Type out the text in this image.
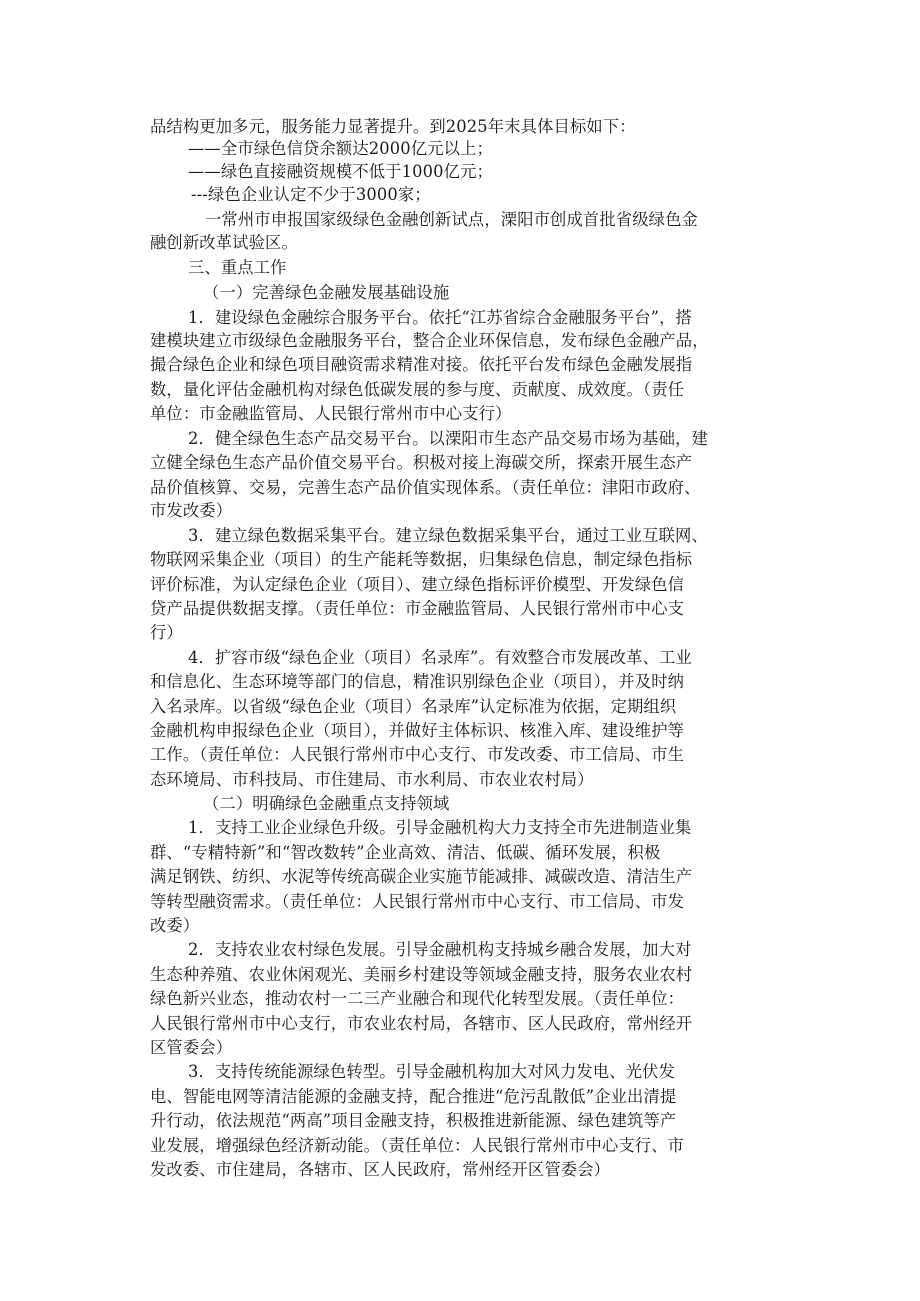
品结构更加多元，服务能力显著提升。到2025年末具体目标如下：
——全市绿色信贷余额达2000亿元以上；
——绿色直接融资规模不低于1000亿元；
---绿色企业认定不少于3000家；
一常州市申报国家级绿色金融创新试点，溧阳市创成首批省级绿色金
融创新改革试验区。
三、重点工作
（一）完善绿色金融发展基础设施
1．建设绿色金融综合服务平台。依托“江苏省综合金融服务平台”，搭
建模块建立市级绿色金融服务平台，整合企业环保信息，发布绿色金融产品，
撮合绿色企业和绿色项目融资需求精准对接。依托平台发布绿色金融发展指
数，量化评估金融机构对绿色低碳发展的参与度、贡献度、成效度。（责任
单位：市金融监管局、人民银行常州市中心支行）
2．健全绿色生态产品交易平台。以溧阳市生态产品交易市场为基础，建
立健全绿色生态产品价值交易平台。积极对接上海碳交所，探索开展生态产
品价值核算、交易，完善生态产品价值实现体系。（责任单位：津阳市政府、
市发改委）
3．建立绿色数据采集平台。建立绿色数据采集平台，通过工业互联网、
物联网采集企业（项目）的生产能耗等数据，归集绿色信息，制定绿色指标
评价标准，为认定绿色企业（项目）、建立绿色指标评价模型、开发绿色信
贷产品提供数据支撑。（责任单位：市金融监管局、人民银行常州市中心支
行）
4．扩容市级“绿色企业（项目）名录库”。有效整合市发展改革、工业
和信息化、生态环境等部门的信息，精准识别绿色企业（项目），并及时纳
入名录库。以省级“绿色企业（项目）名录库”认定标准为依据，定期组织
金融机构申报绿色企业（项目），并做好主体标识、核准入库、建设维护等
工作。（责任单位：人民银行常州市中心支行、市发改委、市工信局、市生
态环境局、市科技局、市住建局、市水利局、市农业农村局）
（二）明确绿色金融重点支持领域
1．支持工业企业绿色升级。引导金融机构大力支持全市先进制造业集
群、“专精特新”和“智改数转”企业高效、清洁、低碳、循环发展，积极
满足钢铁、纺织、水泥等传统高碳企业实施节能减排、减碳改造、清洁生产
等转型融资需求。（责任单位：人民银行常州市中心支行、市工信局、市发
改委）
2．支持农业农村绿色发展。引导金融机构支持城乡融合发展，加大对
生态种养殖、农业休闲观光、美丽乡村建设等领域金融支持，服务农业农村
绿色新兴业态，推动农村一二三产业融合和现代化转型发展。（责任单位：
人民银行常州市中心支行，市农业农村局，各辖市、区人民政府，常州经开
区管委会）
3．支持传统能源绿色转型。引导金融机构加大对风力发电、光伏发
电、智能电网等清洁能源的金融支持，配合推进“危污乱散低”企业出清提
升行动，依法规范“两高”项目金融支持，积极推进新能源、绿色建筑等产
业发展，增强绿色经济新动能。（责任单位：人民银行常州市中心支行、市
发改委、市住建局，各辖市、区人民政府，常州经开区管委会）
